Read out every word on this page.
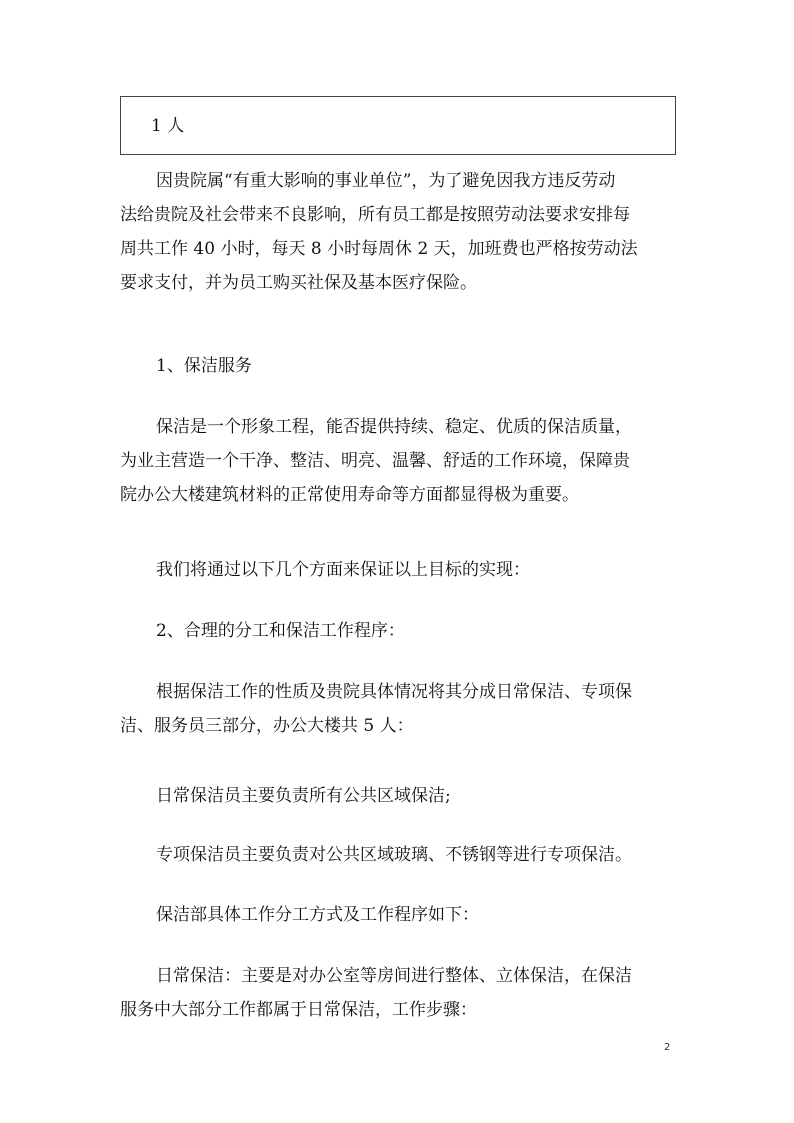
1 人
因贵院属“有重大影响的事业单位”，为了避免因我方违反劳动
法给贵院及社会带来不良影响，所有员工都是按照劳动法要求安排每
周共工作 40 小时，每天 8 小时每周休 2 天，加班费也严格按劳动法
要求支付，并为员工购买社保及基本医疗保险。
1、保洁服务
保洁是一个形象工程，能否提供持续、稳定、优质的保洁质量，
为业主营造一个干净、整洁、明亮、温馨、舒适的工作环境，保障贵
院办公大楼建筑材料的正常使用寿命等方面都显得极为重要。
我们将通过以下几个方面来保证以上目标的实现：
2、合理的分工和保洁工作程序：
根据保洁工作的性质及贵院具体情况将其分成日常保洁、专项保
洁、服务员三部分，办公大楼共 5 人：
日常保洁员主要负责所有公共区域保洁;
专项保洁员主要负责对公共区域玻璃、不锈钢等进行专项保洁。
保洁部具体工作分工方式及工作程序如下：
日常保洁：主要是对办公室等房间进行整体、立体保洁，在保洁
服务中大部分工作都属于日常保洁，工作步骤：
2
